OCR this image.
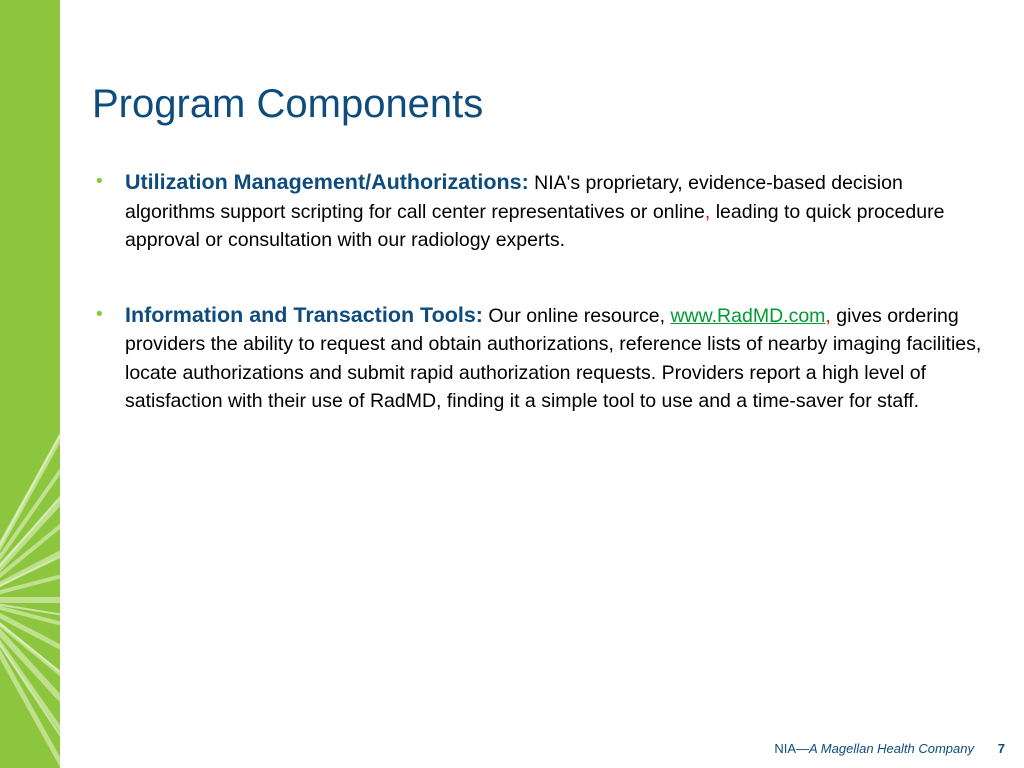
Program Components
• Utilization Management/Authorizations: NIA's proprietary, evidence-based decision algorithms support scripting for call center representatives or online, leading to quick procedure approval or consultation with our radiology experts.
• Information and Transaction Tools: Our online resource, www.RadMD.com, gives ordering providers the ability to request and obtain authorizations, reference lists of nearby imaging facilities, locate authorizations and submit rapid authorization requests. Providers report a high level of satisfaction with their use of RadMD, finding it a simple tool to use and a time-saver for staff.
NIA—A Magellan Health Company 7
